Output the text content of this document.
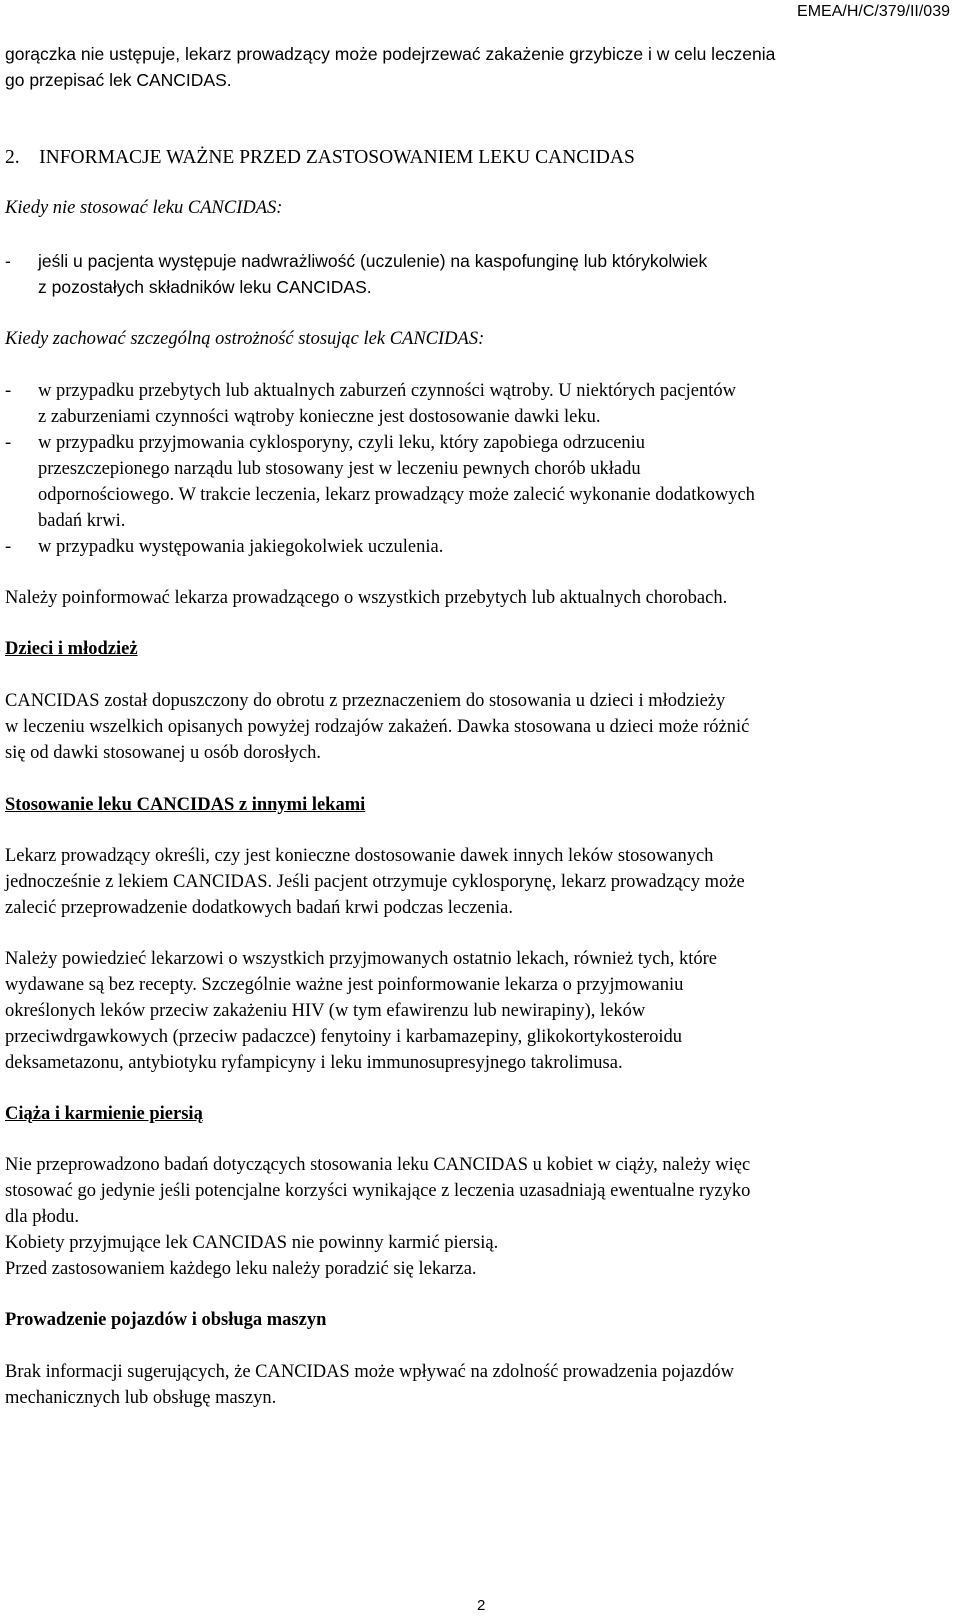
EMEA/H/C/379/II/039
gorączka nie ustępuje, lekarz prowadzący może podejrzewać zakażenie grzybicze i w celu leczenia
go przepisać lek CANCIDAS.
2.    INFORMACJE WAŻNE PRZED ZASTOSOWANIEM LEKU CANCIDAS
Kiedy nie stosować leku CANCIDAS:
-	jeśli u pacjenta występuje nadwrażliwość (uczulenie) na kaspofunginę lub którykolwiek
z pozostałych składników leku CANCIDAS.
Kiedy zachować szczególną ostrożność stosując lek CANCIDAS:
-	w przypadku przebytych lub aktualnych zaburzeń czynności wątroby. U niektórych pacjentów
z zaburzeniami czynności wątroby konieczne jest dostosowanie dawki leku.
-	w przypadku przyjmowania cyklosporyny, czyli leku, który zapobiega odrzuceniu
przeszczepionego narządu lub stosowany jest w leczeniu pewnych chorób układu
odpornościowego. W trakcie leczenia, lekarz prowadzący może zalecić wykonanie dodatkowych
badań krwi.
-	w przypadku występowania jakiegokolwiek uczulenia.
Należy poinformować lekarza prowadzącego o wszystkich przebytych lub aktualnych chorobach.
Dzieci i młodzież
CANCIDAS został dopuszczony do obrotu z przeznaczeniem do stosowania u dzieci i młodzieży
w leczeniu wszelkich opisanych powyżej rodzajów zakażeń. Dawka stosowana u dzieci może różnić
się od dawki stosowanej u osób dorosłych.
Stosowanie leku CANCIDAS z innymi lekami
Lekarz prowadzący określi, czy jest konieczne dostosowanie dawek innych leków stosowanych
jednocześnie z lekiem CANCIDAS. Jeśli pacjent otrzymuje cyklosporynę, lekarz prowadzący może
zalecić przeprowadzenie dodatkowych badań krwi podczas leczenia.
Należy powiedzieć lekarzowi o wszystkich przyjmowanych ostatnio lekach, również tych, które
wydawane są bez recepty. Szczególnie ważne jest poinformowanie lekarza o przyjmowaniu
określonych leków przeciw zakażeniu HIV (w tym efawirenzu lub newirapiny), leków
przeciwdrgawkowych (przeciw padaczce) fenytoiny i karbamazepiny, glikokortykosteroidu
deksametazonu, antybiotyku ryfampicyny i leku immunosupresyjnego takrolimusa.
Ciąża i karmienie piersią
Nie przeprowadzono badań dotyczących stosowania leku CANCIDAS u kobiet w ciąży, należy więc
stosować go jedynie jeśli potencjalne korzyści wynikające z leczenia uzasadniają ewentualne ryzyko
dla płodu.
Kobiety przyjmujące lek CANCIDAS nie powinny karmić piersią.
Przed zastosowaniem każdego leku należy poradzić się lekarza.
Prowadzenie pojazdów i obsługa maszyn
Brak informacji sugerujących, że CANCIDAS może wpływać na zdolność prowadzenia pojazdów
mechanicznych lub obsługę maszyn.
2
